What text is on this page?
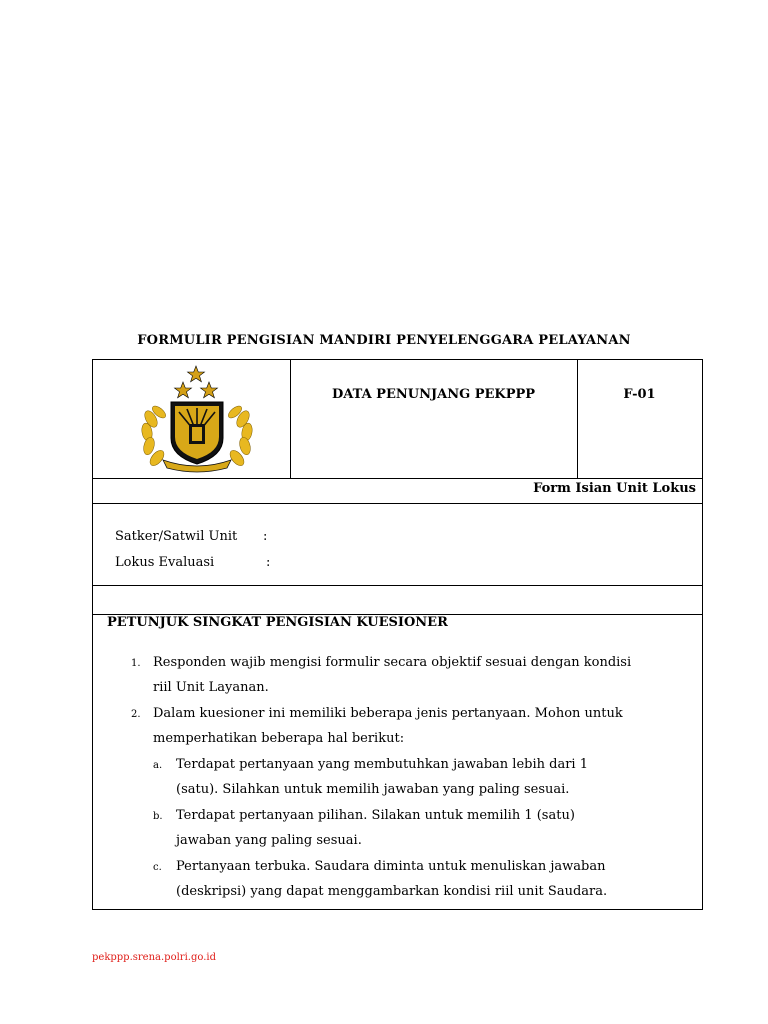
FORMULIR PENGISIAN MANDIRI PENYELENGGARA PELAYANAN
DATA PENUNJANG PEKPPP	F-01
Form Isian Unit Lokus
Satker/Satwil Unit :
Lokus Evaluasi	:
PETUNJUK SINGKAT PENGISIAN KUESIONER
1. Responden wajib mengisi formulir secara objektif sesuai dengan kondisi
riil Unit Layanan.
2. Dalam kuesioner ini memiliki beberapa jenis pertanyaan. Mohon untuk
memperhatikan beberapa hal berikut:
a. Terdapat pertanyaan yang membutuhkan jawaban lebih dari 1
(satu). Silahkan untuk memilih jawaban yang paling sesuai.
b. Terdapat pertanyaan pilihan. Silakan untuk memilih 1 (satu)
jawaban yang paling sesuai.
c. Pertanyaan terbuka. Saudara diminta untuk menuliskan jawaban
(deskripsi) yang dapat menggambarkan kondisi riil unit Saudara.
pekppp.srena.polri.go.id
